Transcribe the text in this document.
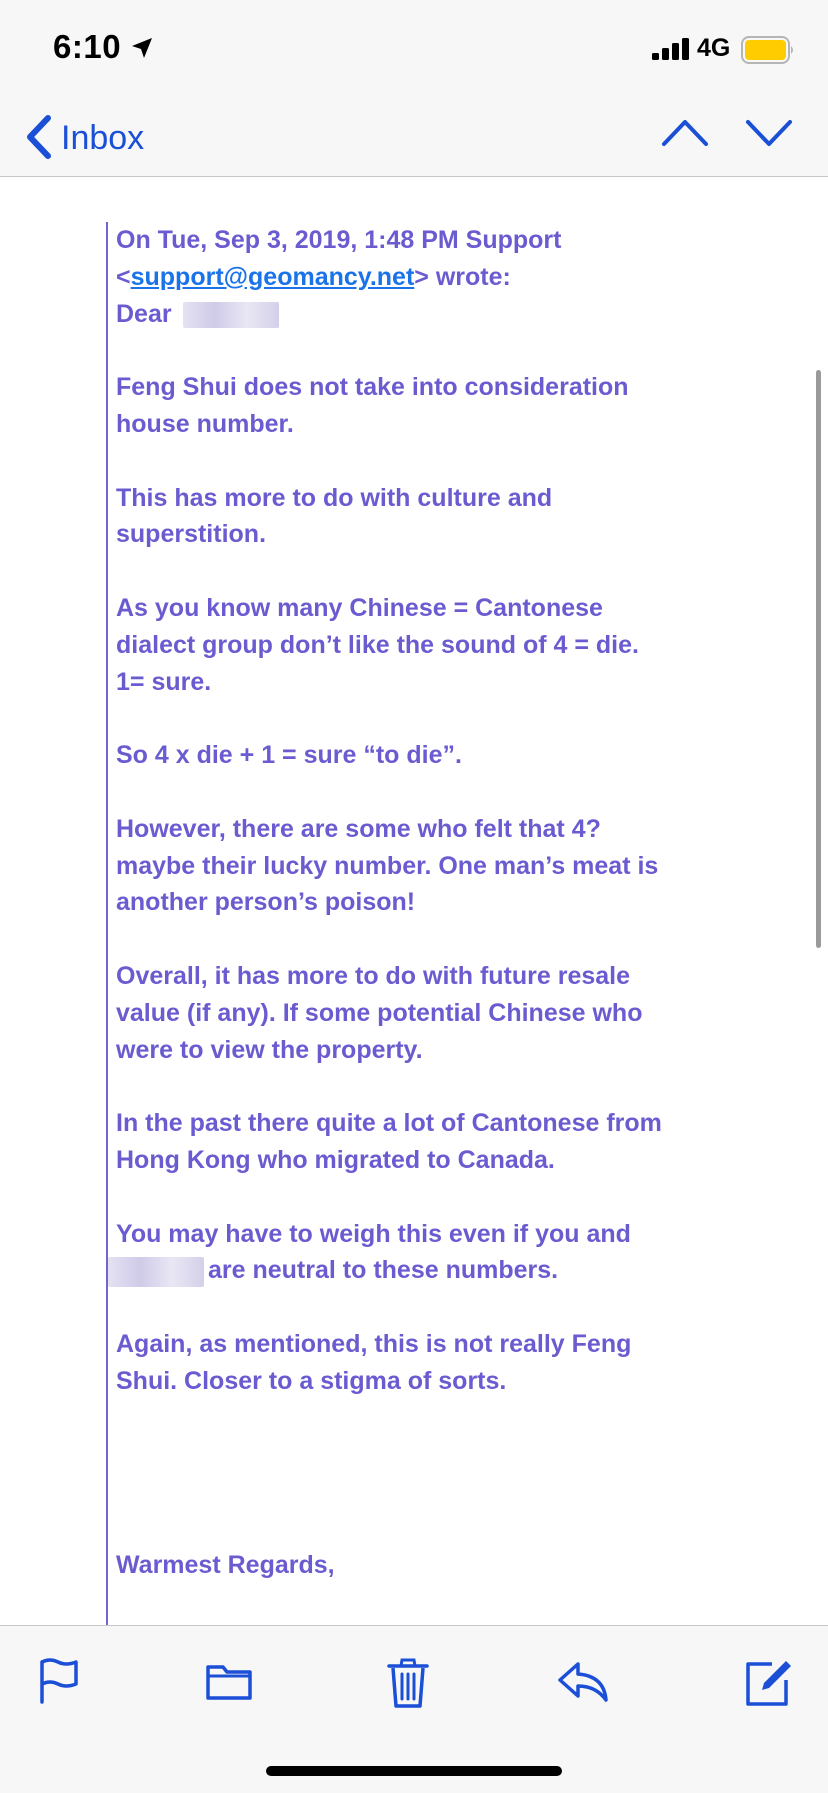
6:10	4G
Inbox

On Tue, Sep 3, 2019, 1:48 PM Support
<support@geomancy.net> wrote:

Dear

Feng Shui does not take into consideration
house number.

This has more to do with culture and
superstition.

As you know many Chinese = Cantonese
dialect group don’t like the sound of 4 = die.
1= sure.

So 4 x die + 1 = sure “to die”.

However, there are some who felt that 4?
maybe their lucky number. One man’s meat is
another person’s poison!

Overall, it has more to do with future resale
value (if any). If some potential Chinese who
were to view the property.

In the past there quite a lot of Cantonese from
Hong Kong who migrated to Canada.

You may have to weigh this even if you and
are neutral to these numbers.

Again, as mentioned, this is not really Feng
Shui. Closer to a stigma of sorts.

Warmest Regards,
